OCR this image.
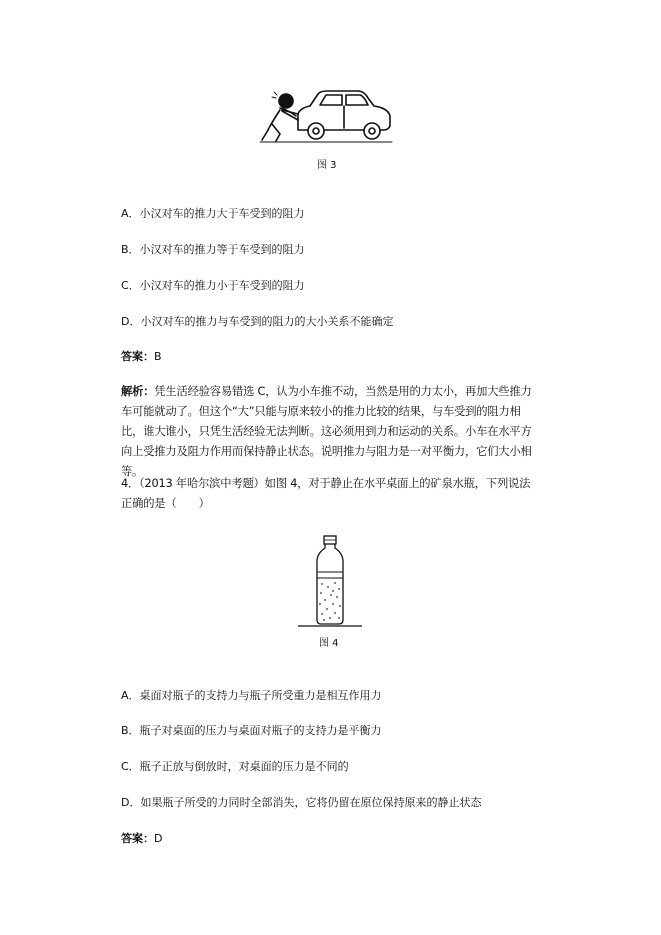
图 3
A．小汉对车的推力大于车受到的阻力
B．小汉对车的推力等于车受到的阻力
C．小汉对车的推力小于车受到的阻力
D．小汉对车的推力与车受到的阻力的大小关系不能确定
答案：B
解析：凭生活经验容易错选 C，认为小车推不动，当然是用的力太小，再加大些推力车可能就动了。但这个“大”只能与原来较小的推力比较的结果，与车受到的阻力相比，谁大谁小，只凭生活经验无法判断。这必须用到力和运动的关系。小车在水平方向上受推力及阻力作用而保持静止状态。说明推力与阻力是一对平衡力，它们大小相等。
4．（2013 年哈尔滨中考题）如图 4，对于静止在水平桌面上的矿泉水瓶，下列说法正确的是（　　）
图 4
A．桌面对瓶子的支持力与瓶子所受重力是相互作用力
B．瓶子对桌面的压力与桌面对瓶子的支持力是平衡力
C．瓶子正放与倒放时，对桌面的压力是不同的
D．如果瓶子所受的力同时全部消失，它将仍留在原位保持原来的静止状态
答案：D
